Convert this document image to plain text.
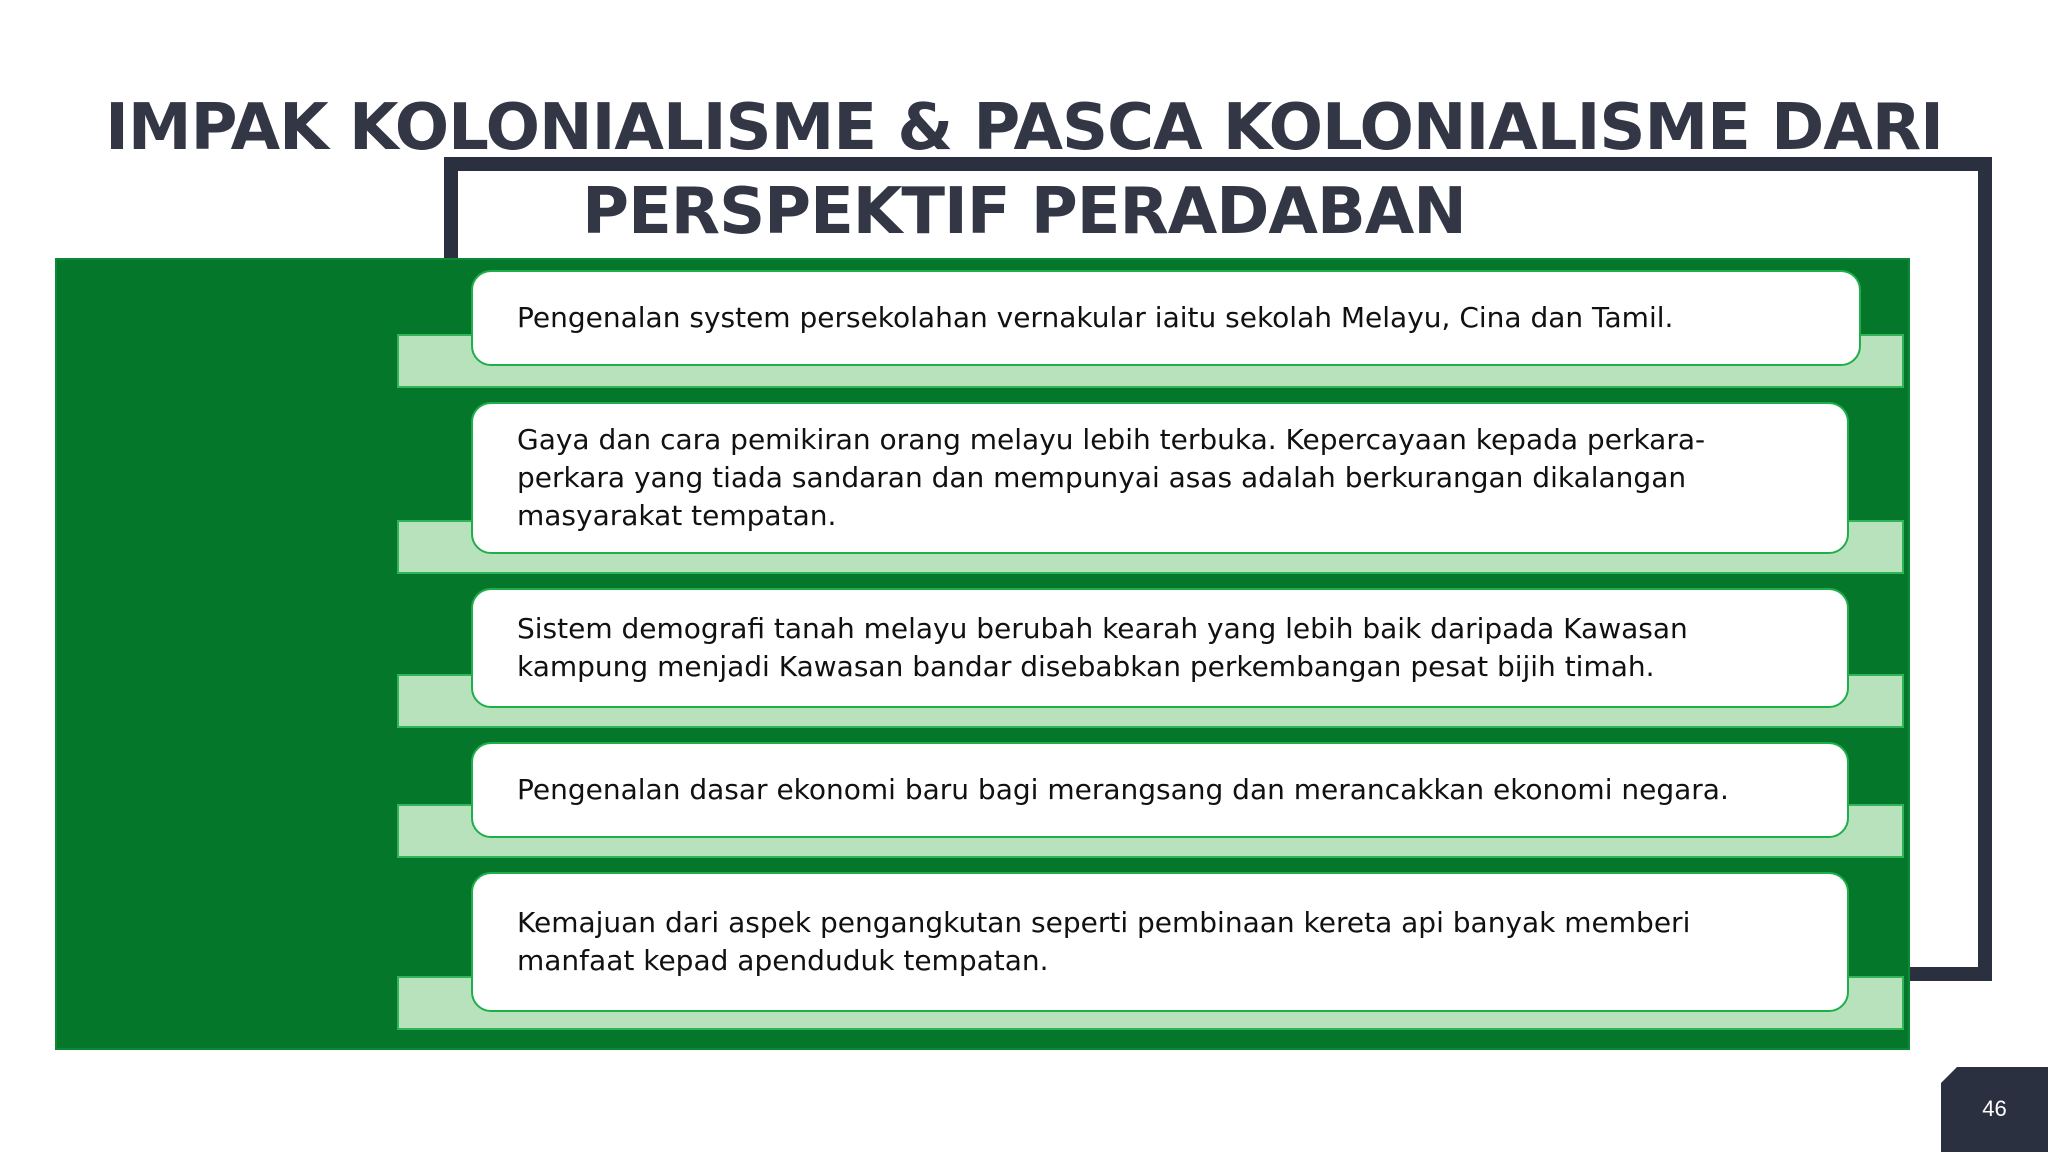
IMPAK KOLONIALISME & PASCA KOLONIALISME DARI
PERSPEKTIF PERADABAN

Pengenalan system persekolahan vernakular iaitu sekolah Melayu, Cina dan Tamil.

Gaya dan cara pemikiran orang melayu lebih terbuka. Kepercayaan kepada perkara-perkara yang tiada sandaran dan mempunyai asas adalah berkurangan dikalangan masyarakat tempatan.

Sistem demografi tanah melayu berubah kearah yang lebih baik daripada Kawasan kampung menjadi Kawasan bandar disebabkan perkembangan pesat bijih timah.

Pengenalan dasar ekonomi baru bagi merangsang dan merancakkan ekonomi negara.

Kemajuan dari aspek pengangkutan seperti pembinaan kereta api banyak memberi manfaat kepad apenduduk tempatan.

46
